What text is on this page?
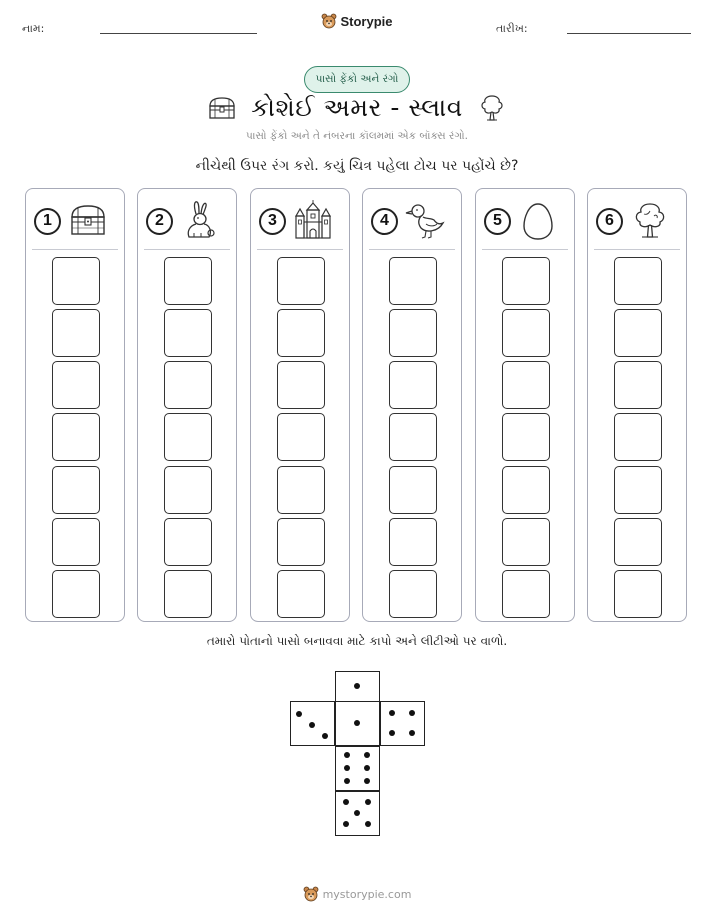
નામ:	તારીખ:
Storypie
પાસો ફેંકો અને રંગો
કોશેઈ અમર - સ્લાવ
પાસો ફેંકો અને તે નંબરના કૉલમમાં એક બૉક્સ રંગો.
નીચેથી ઉપર રંગ કરો. કયું ચિત્ર પહેલા ટોચ પર પહોંચે છે?
1	2	3	4	5	6
તમારો પોતાનો પાસો બનાવવા માટે કાપો અને લીટીઓ પર વાળો.
mystorypie.com
